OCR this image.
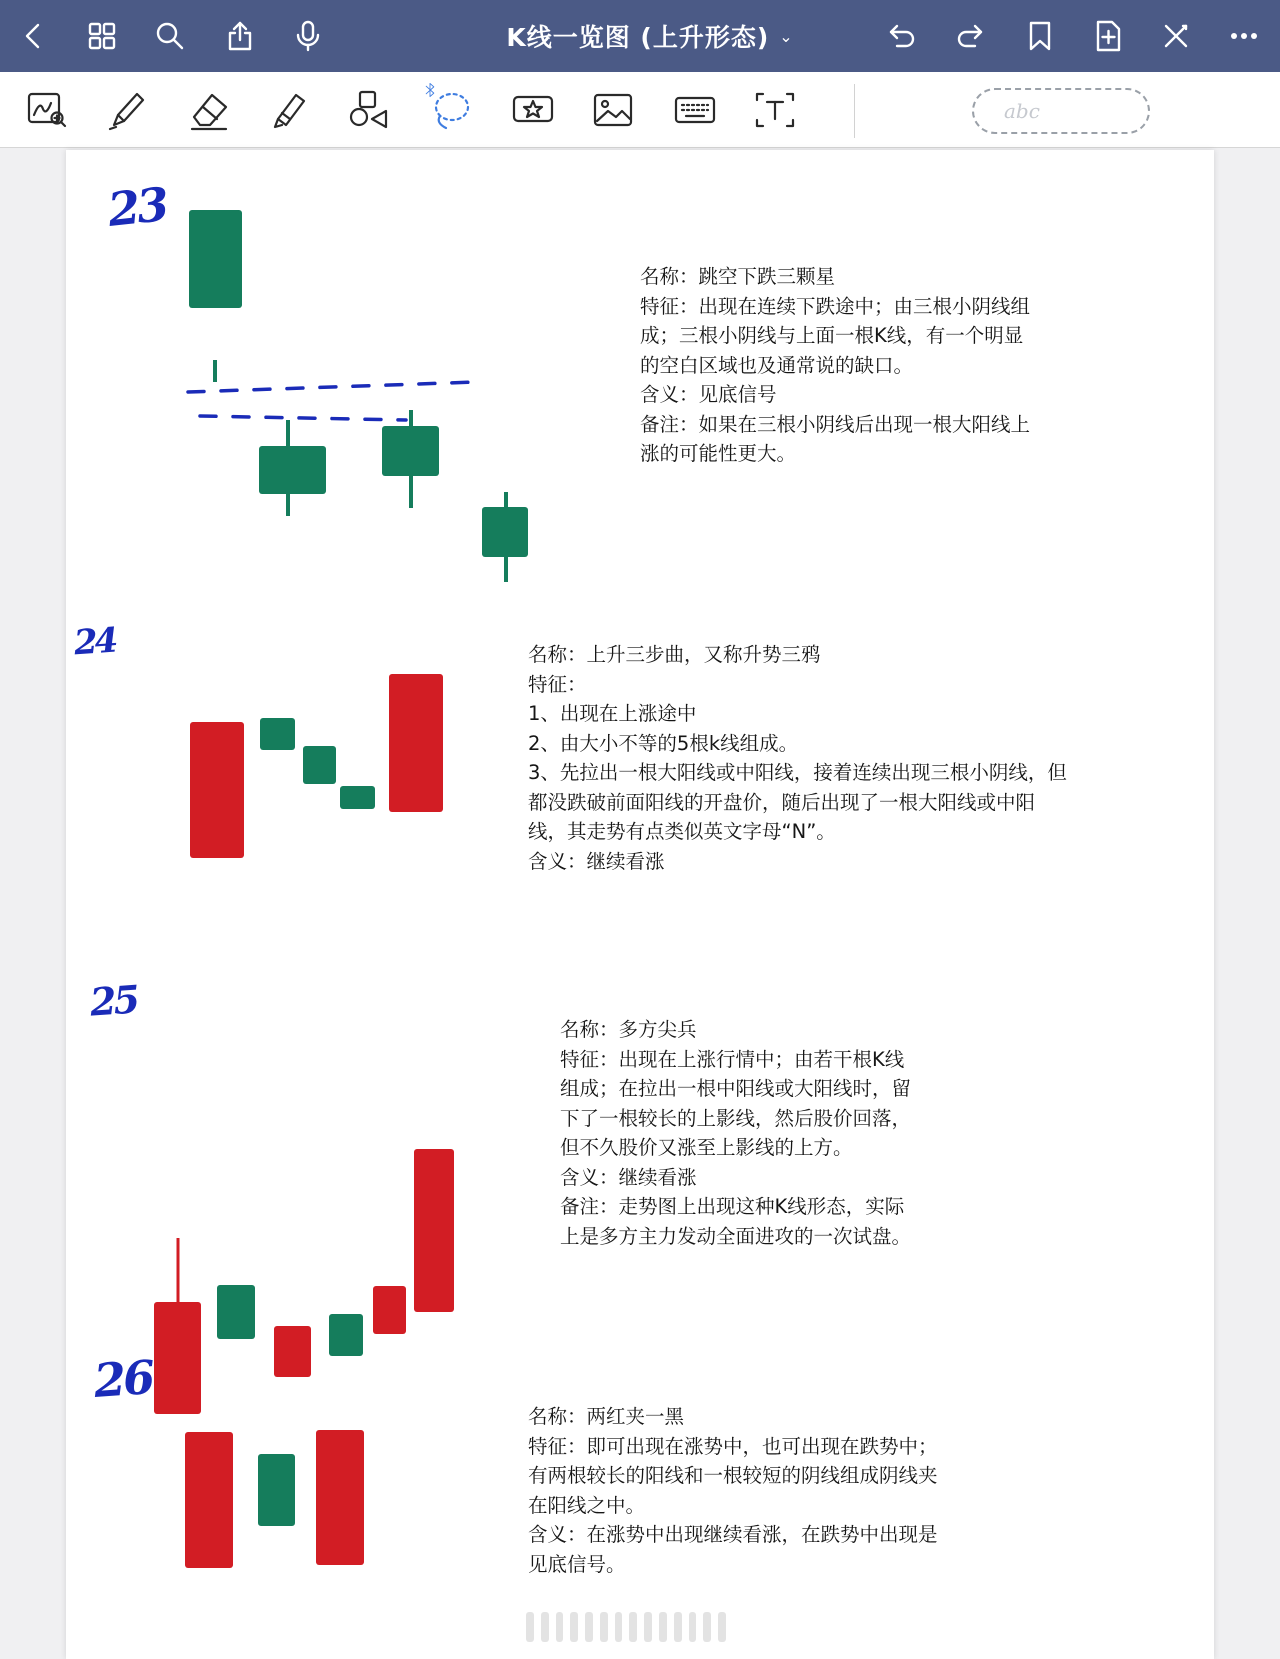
K线一览图 (上升形态) ⌄
abc
23
名称：跳空下跌三颗星
特征：出现在连续下跌途中；由三根小阴线组
成；三根小阴线与上面一根K线，有一个明显
的空白区域也及通常说的缺口。
含义：见底信号
备注：如果在三根小阴线后出现一根大阳线上
涨的可能性更大。
24	名称：上升三步曲，又称升势三鸦
特征：
1、出现在上涨途中
2、由大小不等的5根k线组成。
3、先拉出一根大阳线或中阳线，接着连续出现三根小阴线，但
都没跌破前面阳线的开盘价，随后出现了一根大阳线或中阳
线，其走势有点类似英文字母“N”。
含义：继续看涨
25
名称：多方尖兵
特征：出现在上涨行情中；由若干根K线
组成；在拉出一根中阳线或大阳线时，留
下了一根较长的上影线，然后股价回落，
但不久股价又涨至上影线的上方。
含义：继续看涨
备注：走势图上出现这种K线形态，实际
上是多方主力发动全面进攻的一次试盘。
26
名称：两红夹一黑
特征：即可出现在涨势中，也可出现在跌势中；
有两根较长的阳线和一根较短的阴线组成阴线夹
在阳线之中。
含义：在涨势中出现继续看涨，在跌势中出现是
见底信号。
